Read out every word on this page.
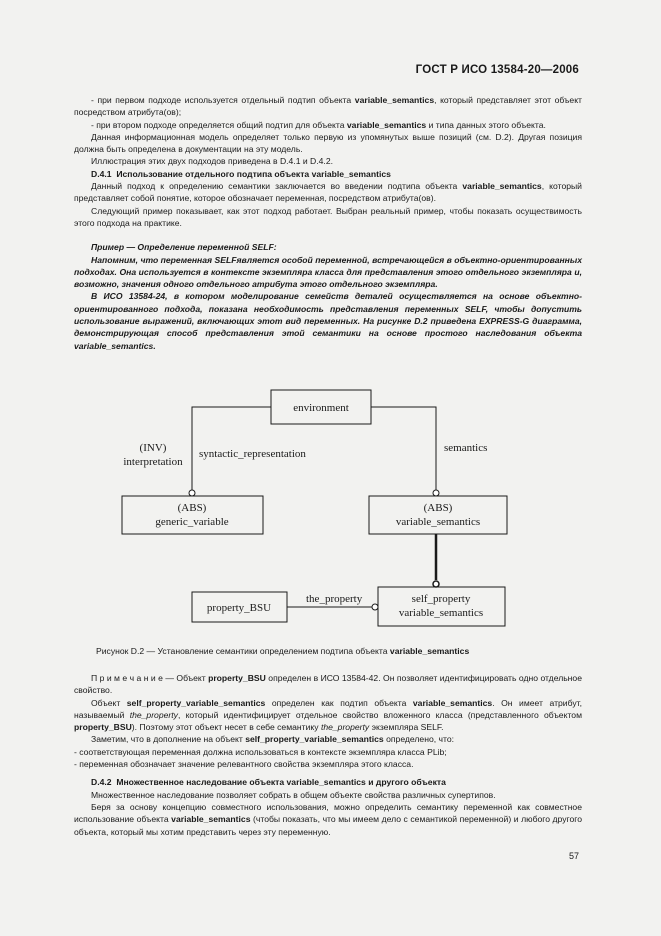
ГОСТ Р ИСО 13584-20—2006

- при первом подходе используется отдельный подтип объекта variable_semantics, который представляет этот объект посредством атрибута(ов);

- при втором подходе определяется общий подтип для объекта variable_semantics и типа данных этого объекта.

Данная информационная модель определяет только первую из упомянутых выше позиций (см. D.2). Другая позиция должна быть определена в документации на эту модель.

Иллюстрация этих двух подходов приведена в D.4.1 и D.4.2.

D.4.1 Использование отдельного подтипа объекта variable_semantics

Данный подход к определению семантики заключается во введении подтипа объекта variable_semantics, который представляет собой понятие, которое обозначает переменная, посредством атрибута(ов).

Следующий пример показывает, как этот подход работает. Выбран реальный пример, чтобы показать осуществимость этого подхода на практике.

Пример — Определение переменной SELF:

Напомним, что переменная SELFявляется особой переменной, встречающейся в объектно-ориентированных подходах. Она используется в контексте экземпляра класса для представления этого отдельного экземпляра и, возможно, значения одного отдельного атрибута этого отдельного экземпляра.

В ИСО 13584-24, в котором моделирование семейств деталей осуществляется на основе объектно-ориентированного подхода, показана необходимость представления переменных SELF, чтобы допустить использование выражений, включающих этот вид переменных. На рисунке D.2 приведена EXPRESS-G диаграмма, демонстрирующая способ представления этой семантики на основе простого наследования объекта variable_semantics.

environment
(INV)
interpretation
syntactic_representation	semantics
(ABS)
generic_variable
(ABS)
variable_semantics
property_BSU
the_property	self_property
variable_semantics
Рисунок D.2 — Установление семантики определением подтипа объекта variable_semantics

П р и м е ч а н и е — Объект property_BSU определен в ИСО 13584-42. Он позволяет идентифицировать одно отдельное свойство.

Объект self_property_variable_semantics определен как подтип объекта variable_semantics. Он имеет атрибут, называемый the_property, который идентифицирует отдельное свойство вложенного класса (представленного объектом property_BSU). Поэтому этот объект несет в себе семантику the_property экземпляра SELF.

Заметим, что в дополнение на объект self_property_variable_semantics определено, что:

- соответствующая переменная должна использоваться в контексте экземпляра класса PLib;

- переменная обозначает значение релевантного свойства экземпляра этого класса.

D.4.2 Множественное наследование объекта variable_semantics и другого объекта

Множественное наследование позволяет собрать в общем объекте свойства различных супертипов.

Беря за основу концепцию совместного использования, можно определить семантику переменной как совместное использование объекта variable_semantics (чтобы показать, что мы имеем дело с семантикой переменной) и любого другого объекта, который мы хотим представить через эту переменную.

57
